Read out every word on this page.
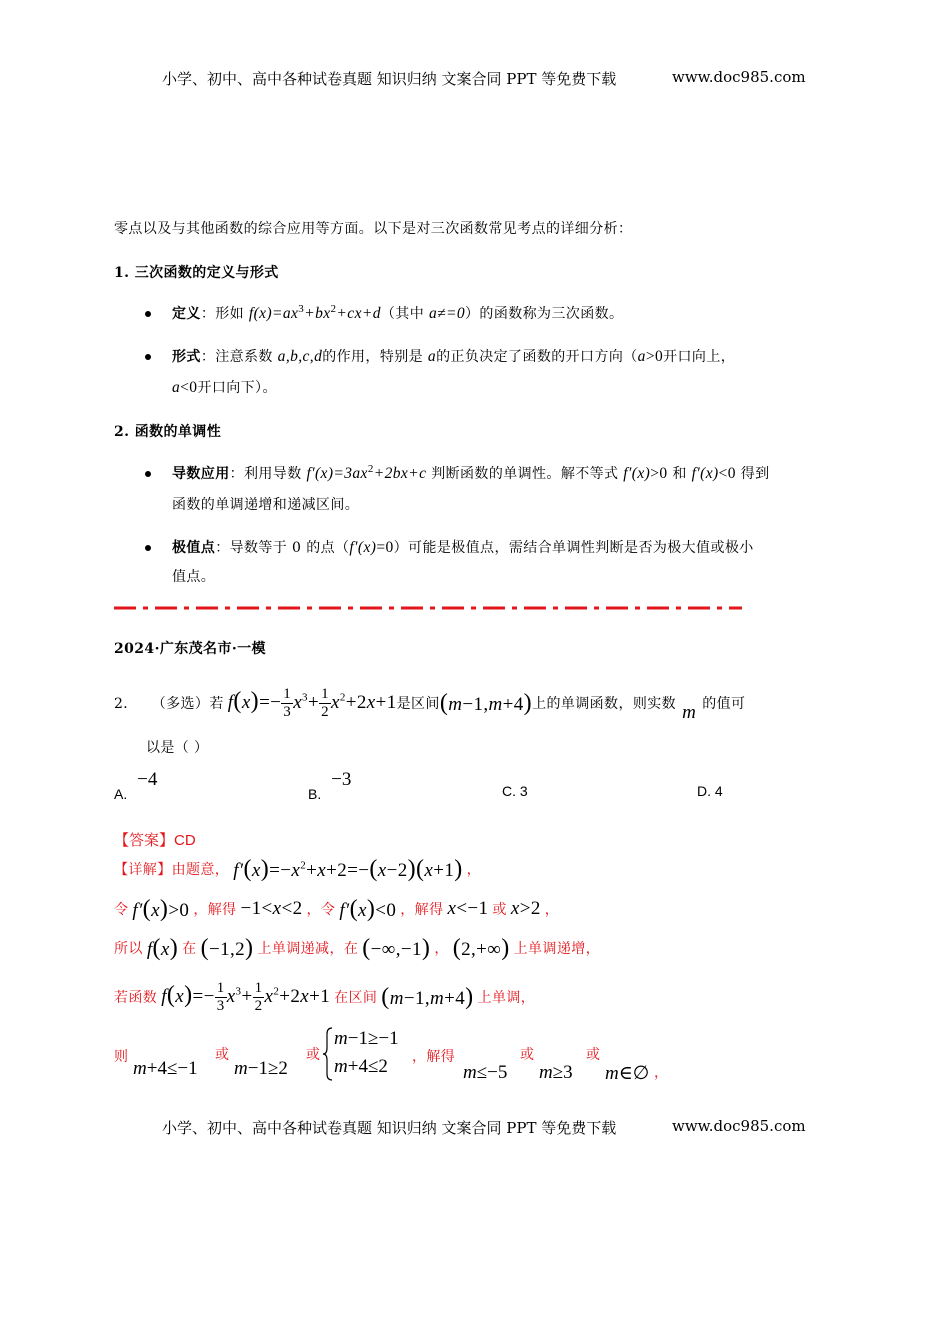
小学、初中、高中各种试卷真题 知识归纳 文案合同 PPT 等免费下载	www.doc985.com
零点以及与其他函数的综合应用等方面。以下是对三次函数常见考点的详细分析：
1. 三次函数的定义与形式
定义：形如 $f(x)=ax^3+bx^2+cx+d$（其中 a≠=0）的函数称为三次函数。
形式：注意系数 a,b,c,d的作用，特别是 a的正负决定了函数的开口方向（a>0开口向上，
a<0开口向下）。
2. 函数的单调性
导数应用：利用导数 $f'(x)=3ax^2+2bx+c$ 判断函数的单调性。解不等式 f′(x)>0 和 f′(x)<0 得到
函数的单调递增和递减区间。
极值点：导数等于 0 的点（f′(x)=0）可能是极值点，需结合单调性判断是否为极大值或极小
值点。
2024·广东茂名市·一模
2． （多选）若 $f(x)=- \frac{1}{3} x^3+ \frac{1}{2} x^2+2x+1$ 是区间 (m−1,m+4) 上的单调函数，则实数 m 的值可
以是（ ）
A. −4
B. −3
C. 3	D. 4
【答案】CD
【详解】 由题意， $f'(x)=-x^2+x+2=-(x-2)(x+1)$ ，
令 f′(x)>0 ，解得 −1<x<2 ，令 f′(x)<0 ，解得 x<−1 或 x>2 ，
所以 f(x) 在 (−1,2) 上单调递减，在 (−∞,−1) ， (2,+∞) 上单调递增，
若函数 $f(x)=- \frac{1}{3} x^3+ \frac{1}{2} x^2+2x+1$ 在区间 (m−1,m+4) 上单调，
则
m+4≤−1
或
m−1≥2
或
m−1≥−1
m+4≤2 ，解得
m≤−5
或
m≥3
或
m∈∅ ，
小学、初中、高中各种试卷真题 知识归纳 文案合同 PPT 等免费下载	www.doc985.com
